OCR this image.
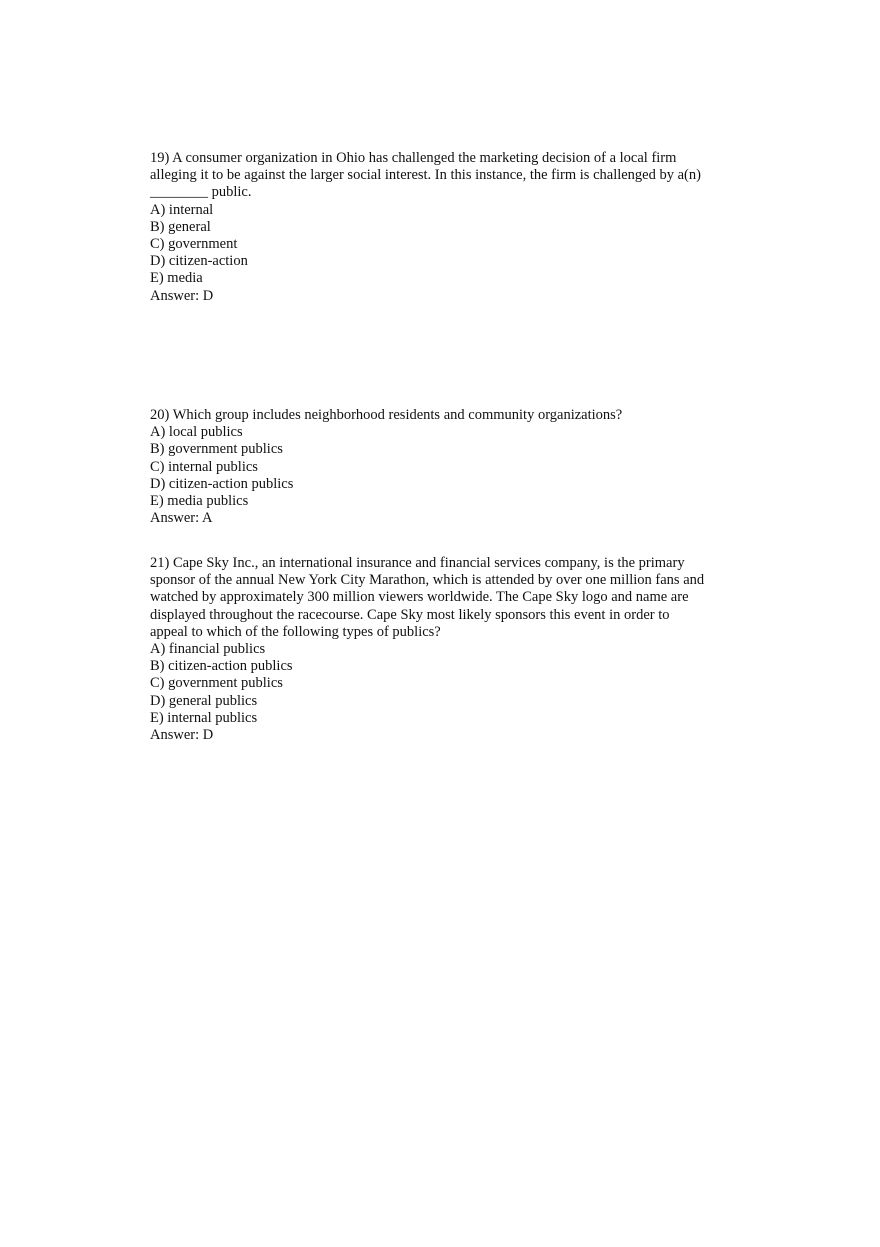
19) A consumer organization in Ohio has challenged the marketing decision of a local firm
alleging it to be against the larger social interest. In this instance, the firm is challenged by a(n)
________ public.
A) internal
B) general
C) government
D) citizen-action
E) media
Answer: D
20) Which group includes neighborhood residents and community organizations?
A) local publics
B) government publics
C) internal publics
D) citizen-action publics
E) media publics
Answer: A
21) Cape Sky Inc., an international insurance and financial services company, is the primary
sponsor of the annual New York City Marathon, which is attended by over one million fans and
watched by approximately 300 million viewers worldwide. The Cape Sky logo and name are
displayed throughout the racecourse. Cape Sky most likely sponsors this event in order to
appeal to which of the following types of publics?
A) financial publics
B) citizen-action publics
C) government publics
D) general publics
E) internal publics
Answer: D
